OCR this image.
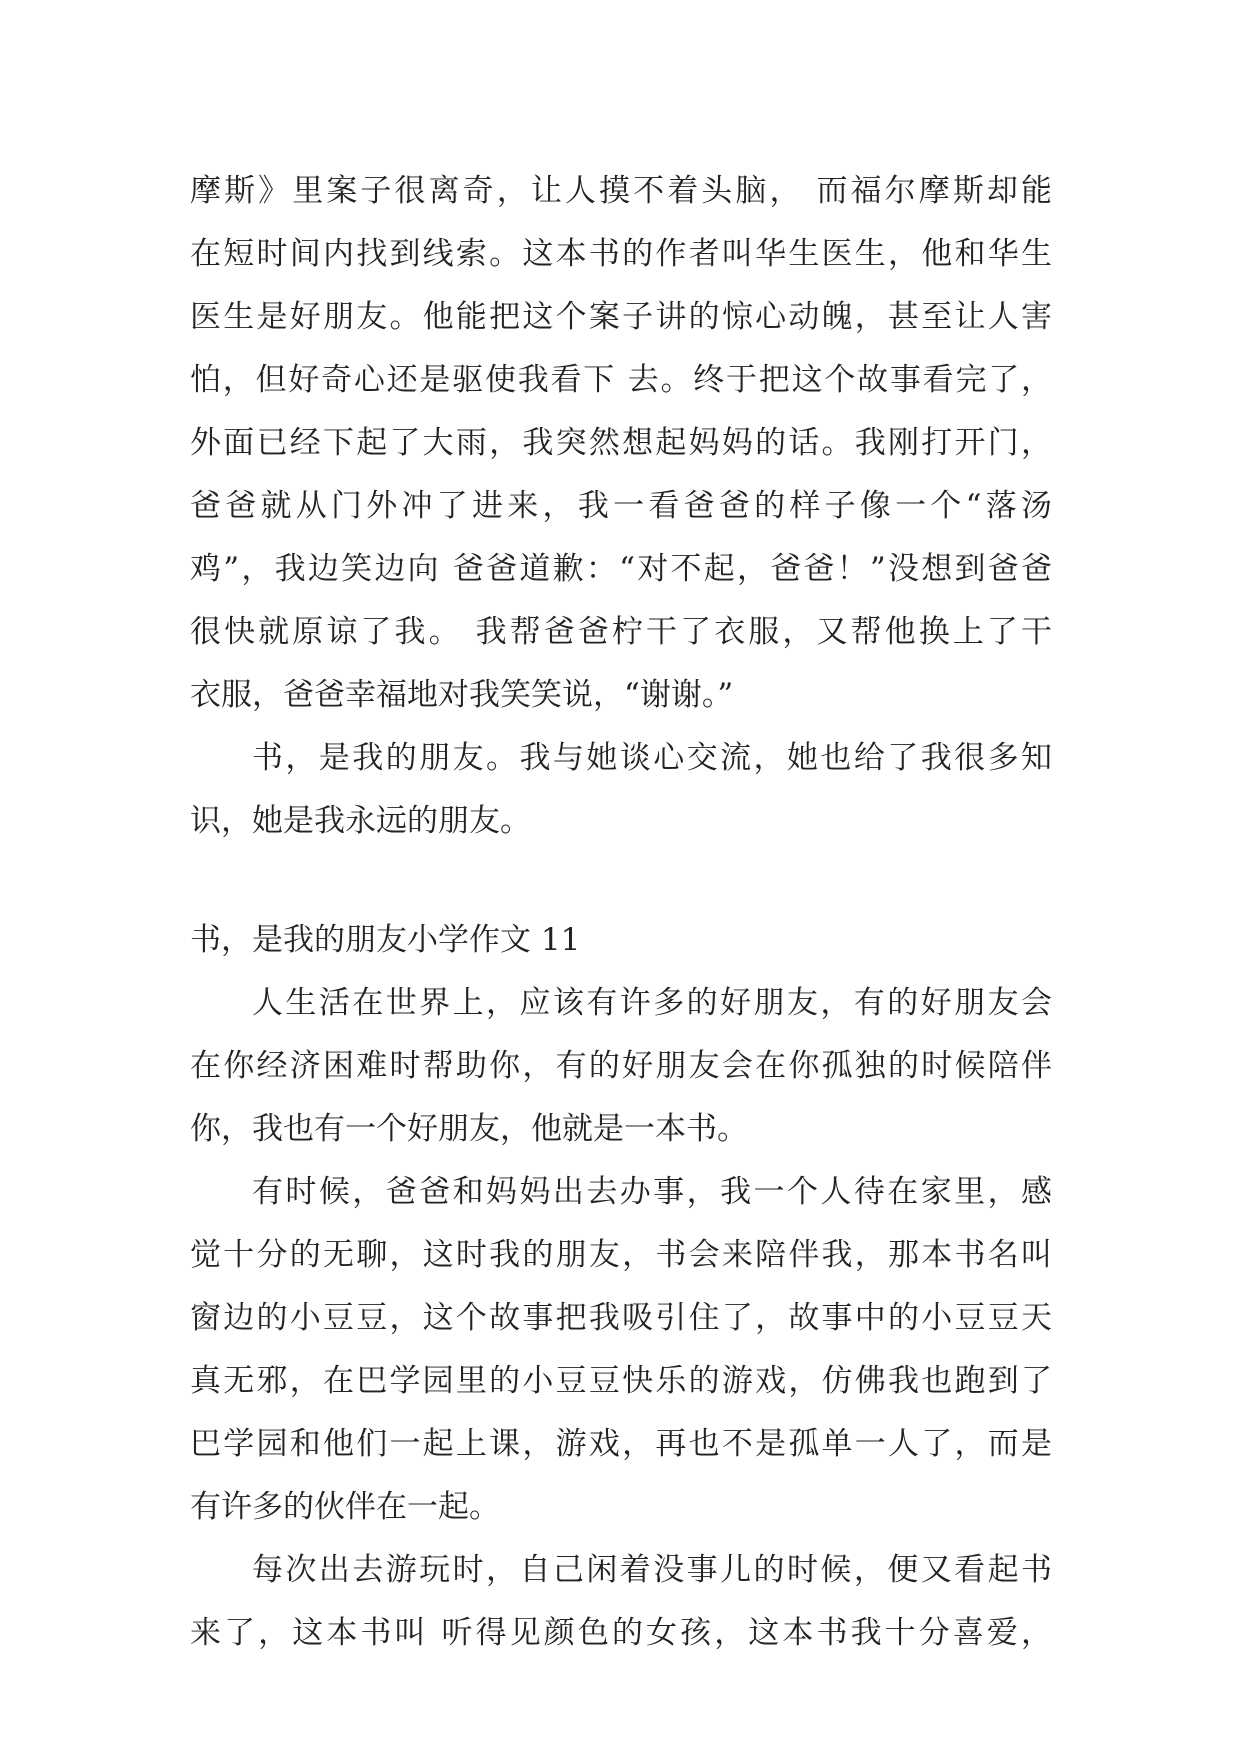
摩斯》里案子很离奇，让人摸不着头脑， 而福尔摩斯却能
在短时间内找到线索。这本书的作者叫华生医生，他和华生
医生是好朋友。他能把这个案子讲的惊心动魄，甚至让人害
怕，但好奇心还是驱使我看下 去。终于把这个故事看完了，
外面已经下起了大雨，我突然想起妈妈的话。我刚打开门，
爸爸就从门外冲了进来，我一看爸爸的样子像一个“落汤
鸡”，我边笑边向 爸爸道歉：“对不起，爸爸！”没想到爸爸
很快就原谅了我。 我帮爸爸柠干了衣服，又帮他换上了干
衣服，爸爸幸福地对我笑笑说，“谢谢。”
书，是我的朋友。我与她谈心交流，她也给了我很多知
识，她是我永远的朋友。
书，是我的朋友小学作文 11
人生活在世界上，应该有许多的好朋友，有的好朋友会
在你经济困难时帮助你，有的好朋友会在你孤独的时候陪伴
你，我也有一个好朋友，他就是一本书。
有时候，爸爸和妈妈出去办事，我一个人待在家里，感
觉十分的无聊，这时我的朋友，书会来陪伴我，那本书名叫
窗边的小豆豆，这个故事把我吸引住了，故事中的小豆豆天
真无邪，在巴学园里的小豆豆快乐的游戏，仿佛我也跑到了
巴学园和他们一起上课，游戏，再也不是孤单一人了，而是
有许多的伙伴在一起。
每次出去游玩时，自己闲着没事儿的时候，便又看起书
来了，这本书叫 听得见颜色的女孩，这本书我十分喜爱，
